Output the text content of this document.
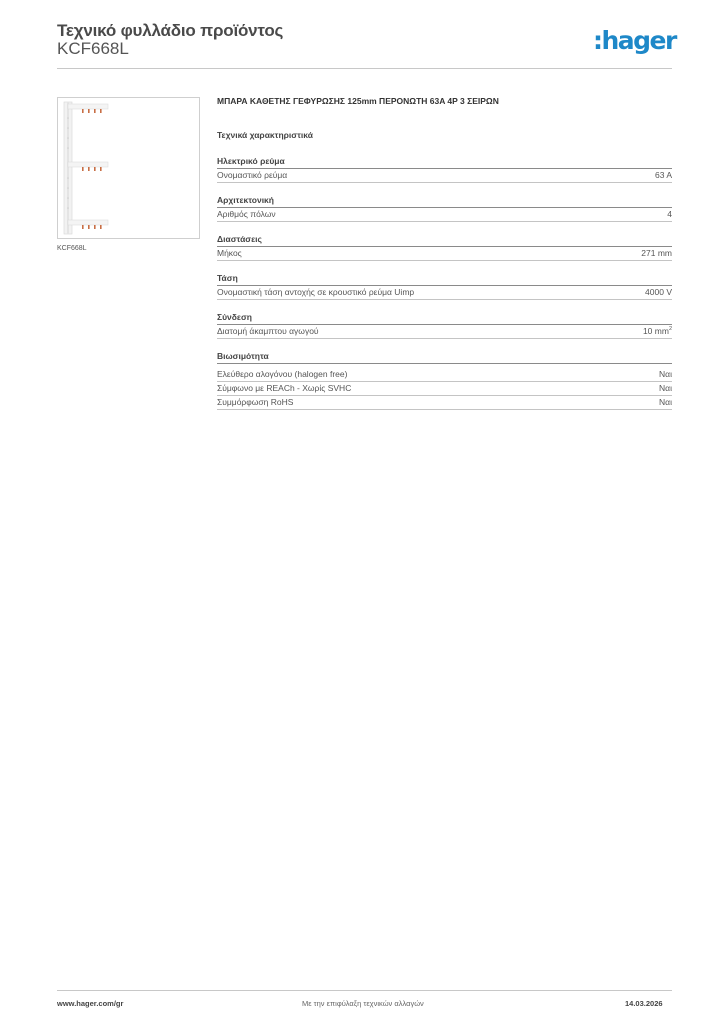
Τεχνικό φυλλάδιο προϊόντος
KCF668L	:hager
KCF668L
ΜΠΑΡΑ ΚΑΘΕΤΗΣ ΓΕΦΥΡΩΣΗΣ 125mm ΠΕΡΟΝΩΤΗ 63A 4P 3 ΣΕΙΡΩΝ
Τεχνικά χαρακτηριστικά
Ηλεκτρικό ρεύμα
Ονομαστικό ρεύμα	63 A
Αρχιτεκτονική
Αριθμός πόλων	4
Διαστάσεις
Μήκος	271 mm
Τάση
Ονομαστική τάση αντοχής σε κρουστικό ρεύμα Uimp	4000 V
Σύνδεση
Διατομή άκαμπτου αγωγού	10 $mm^2$
Βιωσιμότητα
Ελεύθερο αλογόνου (halogen free)	Ναι
Σύμφωνο με REACh - Χωρίς SVHC	Ναι
Συμμόρφωση RoHS	Ναι
www.hager.com/gr	Με την επιφύλαξη τεχνικών αλλαγών	14.03.2026
